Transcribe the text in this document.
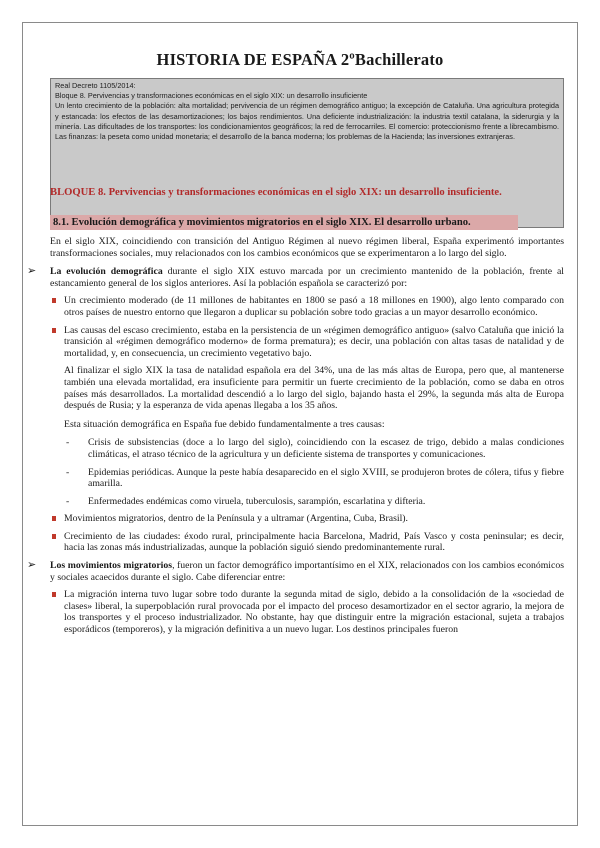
HISTORIA DE ESPAÑA 2ºBachillerato

Real Decreto 1105/2014:

Bloque 8. Pervivencias y transformaciones económicas en el siglo XIX: un desarrollo insuficiente

Un lento crecimiento de la población: alta mortalidad; pervivencia de un régimen demográfico antiguo; la excepción de Cataluña. Una agricultura protegida y estancada: los efectos de las desamortizaciones; los bajos rendimientos. Una deficiente industrialización: la industria textil catalana, la siderurgia y la minería. Las dificultades de los transportes: los condicionamientos geográficos; la red de ferrocarriles. El comercio: proteccionismo frente a librecambismo. Las finanzas: la peseta como unidad monetaria; el desarrollo de la banca moderna; los problemas de la Hacienda; las inversiones extranjeras.

BLOQUE 8. Pervivencias y transformaciones económicas en el siglo XIX: un desarrollo insuficiente.
8.1. Evolución demográfica y movimientos migratorios en el siglo XIX. El desarrollo urbano.

En el siglo XIX, coincidiendo con transición del Antiguo Régimen al nuevo régimen liberal, España experimentó importantes transformaciones sociales, muy relacionados con los cambios económicos que se experimentaron a lo largo del siglo.

➢ La evolución demográfica durante el siglo XIX estuvo marcada por un crecimiento mantenido de la población, frente al estancamiento general de los siglos anteriores. Así la población española se caracterizó por:
Un crecimiento moderado (de 11 millones de habitantes en 1800 se pasó a 18 millones en 1900), algo lento comparado con otros países de nuestro entorno que llegaron a duplicar su población sobre todo gracias a un mayor desarrollo económico.
Las causas del escaso crecimiento, estaba en la persistencia de un «régimen demográfico antiguo» (salvo Cataluña que inició la transición al «régimen demográfico moderno» de forma prematura); es decir, una población con altas tasas de natalidad y de mortalidad, y, en consecuencia, un crecimiento vegetativo bajo.
Al finalizar el siglo XIX la tasa de natalidad española era del 34%, una de las más altas de Europa, pero que, al mantenerse también una elevada mortalidad, era insuficiente para permitir un fuerte crecimiento de la población, como se daba en otros países más desarrollados. La mortalidad descendió a lo largo del siglo, bajando hasta el 29%, la segunda más alta de Europa después de Rusia; y la esperanza de vida apenas llegaba a los 35 años.
Esta situación demográfica en España fue debido fundamentalmente a tres causas:
- Crisis de subsistencias (doce a lo largo del siglo), coincidiendo con la escasez de trigo, debido a malas condiciones climáticas, el atraso técnico de la agricultura y un deficiente sistema de transportes y comunicaciones.
- Epidemias periódicas. Aunque la peste había desaparecido en el siglo XVIII, se produjeron brotes de cólera, tifus y fiebre amarilla.
- Enfermedades endémicas como viruela, tuberculosis, sarampión, escarlatina y difteria.
Movimientos migratorios, dentro de la Península y a ultramar (Argentina, Cuba, Brasil).
Crecimiento de las ciudades: éxodo rural, principalmente hacia Barcelona, Madrid, País Vasco y costa peninsular; es decir, hacia las zonas más industrializadas, aunque la población siguió siendo predominantemente rural.
➢ Los movimientos migratorios, fueron un factor demográfico importantísimo en el XIX, relacionados con los cambios económicos y sociales acaecidos durante el siglo. Cabe diferenciar entre:
La migración interna tuvo lugar sobre todo durante la segunda mitad de siglo, debido a la consolidación de la «sociedad de clases» liberal, la superpoblación rural provocada por el impacto del proceso desamortizador en el sector agrario, la mejora de los transportes y el proceso industrializador. No obstante, hay que distinguir entre la migración estacional, sujeta a trabajos esporádicos (temporeros), y la migración definitiva a un nuevo lugar. Los destinos principales fueron
